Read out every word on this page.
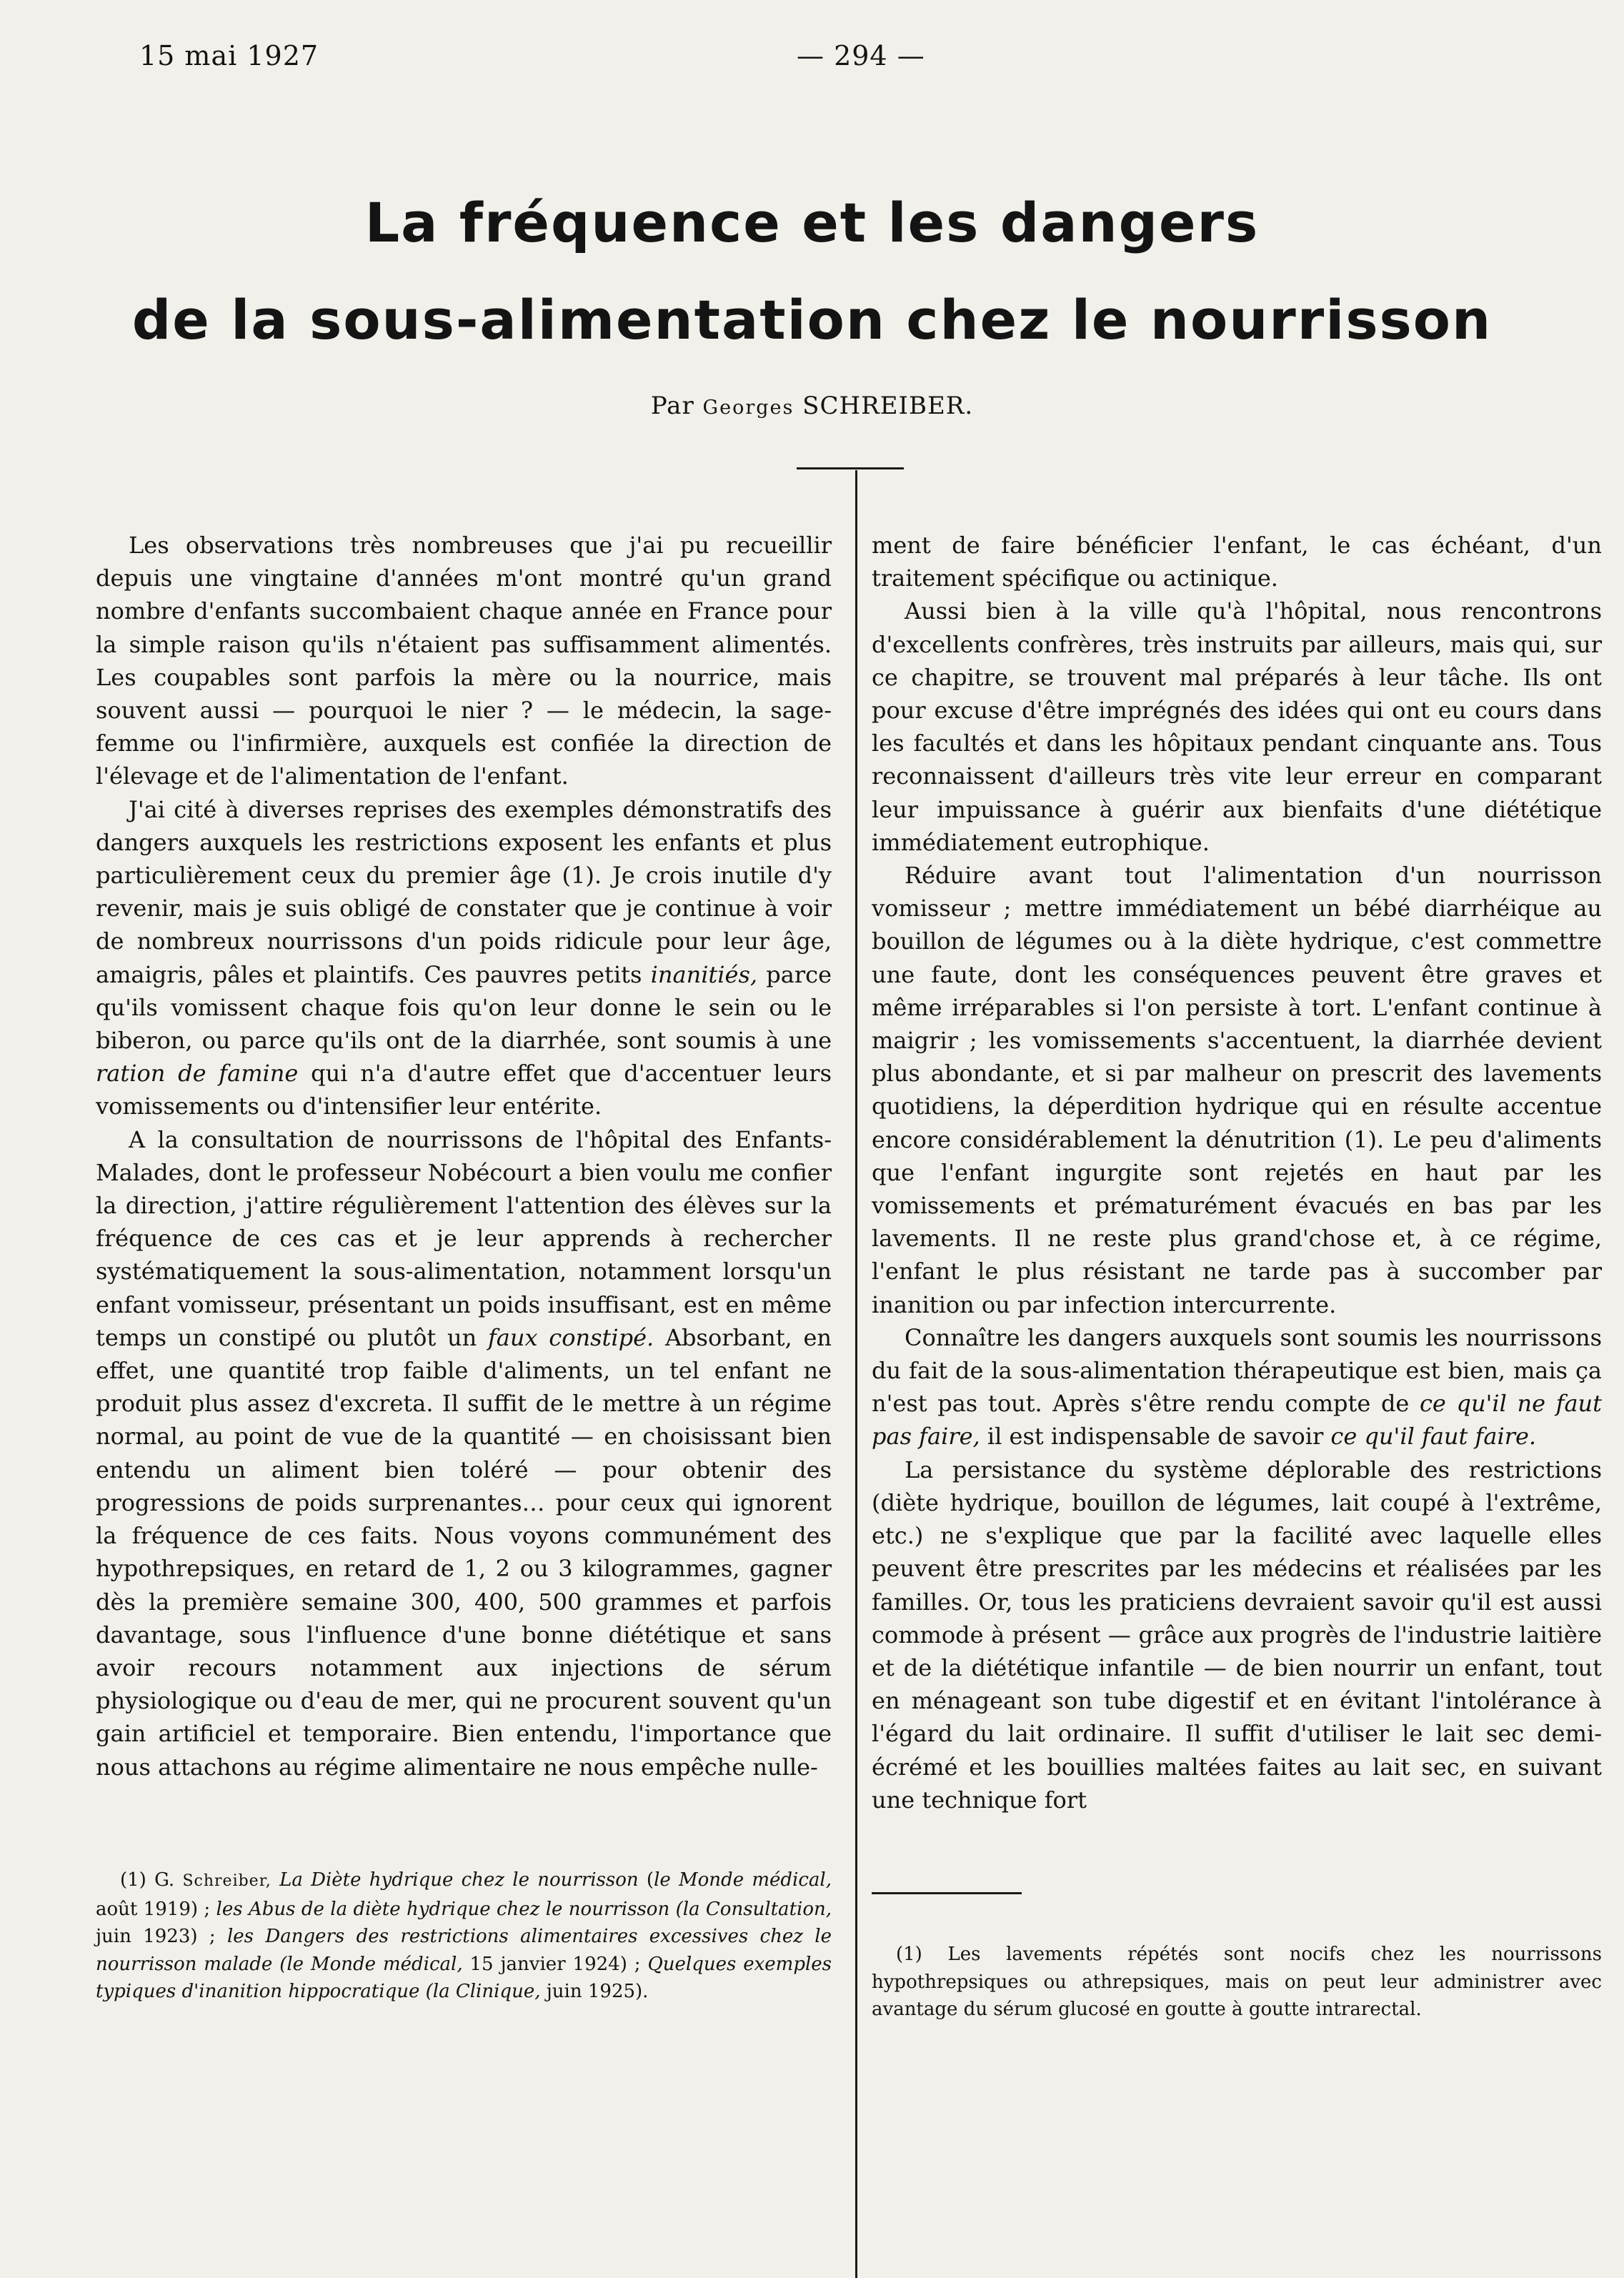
15 mai 1927	— 294 —
La fréquence et les dangers
de la sous-alimentation chez le nourrisson
Par Georges SCHREIBER.

Les observations très nombreuses que j'ai pu recueillir depuis une vingtaine d'années m'ont montré qu'un grand nombre d'enfants succombaient chaque année en France pour la simple raison qu'ils n'étaient pas suffisamment alimentés. Les coupables sont parfois la mère ou la nourrice, mais souvent aussi — pourquoi le nier ? — le médecin, la sage-femme ou l'infirmière, auxquels est confiée la direction de l'élevage et de l'alimentation de l'enfant.

J'ai cité à diverses reprises des exemples démonstratifs des dangers auxquels les restrictions exposent les enfants et plus particulièrement ceux du premier âge (1). Je crois inutile d'y revenir, mais je suis obligé de constater que je continue à voir de nombreux nourrissons d'un poids ridicule pour leur âge, amaigris, pâles et plaintifs. Ces pauvres petits inanitiés, parce qu'ils vomissent chaque fois qu'on leur donne le sein ou le biberon, ou parce qu'ils ont de la diarrhée, sont soumis à une ration de famine qui n'a d'autre effet que d'accentuer leurs vomissements ou d'intensifier leur entérite.

A la consultation de nourrissons de l'hôpital des Enfants-Malades, dont le professeur Nobécourt a bien voulu me confier la direction, j'attire régulièrement l'attention des élèves sur la fréquence de ces cas et je leur apprends à rechercher systématiquement la sous-alimentation, notamment lorsqu'un enfant vomisseur, présentant un poids insuffisant, est en même temps un constipé ou plutôt un faux constipé. Absorbant, en effet, une quantité trop faible d'aliments, un tel enfant ne produit plus assez d'excreta. Il suffit de le mettre à un régime normal, au point de vue de la quantité — en choisissant bien entendu un aliment bien toléré — pour obtenir des progressions de poids surprenantes… pour ceux qui ignorent la fréquence de ces faits. Nous voyons communément des hypothrepsiques, en retard de 1, 2 ou 3 kilogrammes, gagner dès la première semaine 300, 400, 500 grammes et parfois davantage, sous l'influence d'une bonne diététique et sans avoir recours notamment aux injections de sérum physiologique ou d'eau de mer, qui ne procurent souvent qu'un gain artificiel et temporaire. Bien entendu, l'importance que nous attachons au régime alimentaire ne nous empêche nulle-

ment de faire bénéficier l'enfant, le cas échéant, d'un traitement spécifique ou actinique.

Aussi bien à la ville qu'à l'hôpital, nous rencontrons d'excellents confrères, très instruits par ailleurs, mais qui, sur ce chapitre, se trouvent mal préparés à leur tâche. Ils ont pour excuse d'être imprégnés des idées qui ont eu cours dans les facultés et dans les hôpitaux pendant cinquante ans. Tous reconnaissent d'ailleurs très vite leur erreur en comparant leur impuissance à guérir aux bienfaits d'une diététique immédiatement eutrophique.

Réduire avant tout l'alimentation d'un nourrisson vomisseur ; mettre immédiatement un bébé diarrhéique au bouillon de légumes ou à la diète hydrique, c'est commettre une faute, dont les conséquences peuvent être graves et même irréparables si l'on persiste à tort. L'enfant continue à maigrir ; les vomissements s'accentuent, la diarrhée devient plus abondante, et si par malheur on prescrit des lavements quotidiens, la déperdition hydrique qui en résulte accentue encore considérablement la dénutrition (1). Le peu d'aliments que l'enfant ingurgite sont rejetés en haut par les vomissements et prématurément évacués en bas par les lavements. Il ne reste plus grand'chose et, à ce régime, l'enfant le plus résistant ne tarde pas à succomber par inanition ou par infection intercurrente.

Connaître les dangers auxquels sont soumis les nourrissons du fait de la sous-alimentation thérapeutique est bien, mais ça n'est pas tout. Après s'être rendu compte de ce qu'il ne faut pas faire, il est indispensable de savoir ce qu'il faut faire.

La persistance du système déplorable des restrictions (diète hydrique, bouillon de légumes, lait coupé à l'extrême, etc.) ne s'explique que par la facilité avec laquelle elles peuvent être prescrites par les médecins et réalisées par les familles. Or, tous les praticiens devraient savoir qu'il est aussi commode à présent — grâce aux progrès de l'industrie laitière et de la diététique infantile — de bien nourrir un enfant, tout en ménageant son tube digestif et en évitant l'intolérance à l'égard du lait ordinaire. Il suffit d'utiliser le lait sec demi-écrémé et les bouillies maltées faites au lait sec, en suivant une technique fort

(1) G. Schreiber, La Diète hydrique chez le nourrisson (le Monde médical, août 1919) ; les Abus de la diète hydrique chez le nourrisson (la Consultation, juin 1923) ; les Dangers des restrictions alimentaires excessives chez le nourrisson malade (le Monde médical, 15 janvier 1924) ; Quelques exemples typiques d'inanition hippocratique (la Clinique, juin 1925).

(1) Les lavements répétés sont nocifs chez les nourrissons hypothrepsiques ou athrepsiques, mais on peut leur administrer avec avantage du sérum glucosé en goutte à goutte intrarectal.
